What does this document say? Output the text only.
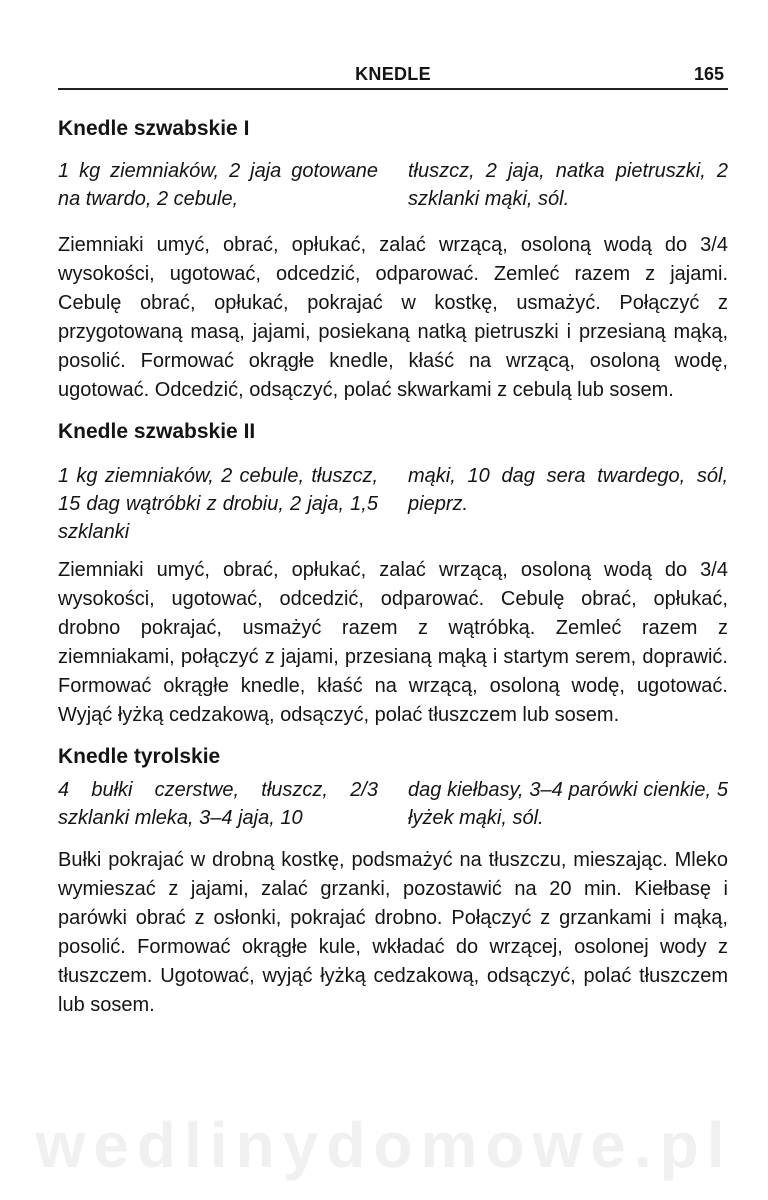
KNEDLE	165
Knedle szwabskie I
1 kg ziemniaków, 2 jaja gotowane na twardo, 2 cebule,
tłuszcz, 2 jaja, natka pietruszki, 2 szklanki mąki, sól.

Ziemniaki umyć, obrać, opłukać, zalać wrzącą, osoloną wodą do 3/4 wysokości, ugotować, odcedzić, odparować. Zemleć razem z jajami. Cebulę obrać, opłukać, pokrajać w kostkę, usmażyć. Połączyć z przygotowaną masą, jajami, posiekaną natką pietruszki i przesianą mąką, posolić. Formować okrągłe knedle, kłaść na wrzącą, osoloną wodę, ugotować. Odcedzić, odsączyć, polać skwarkami z cebulą lub sosem.

Knedle szwabskie II
1 kg ziemniaków, 2 cebule, tłuszcz, 15 dag wątróbki z drobiu, 2 jaja, 1,5 szklanki
mąki, 10 dag sera twardego, sól, pieprz.

Ziemniaki umyć, obrać, opłukać, zalać wrzącą, osoloną wodą do 3/4 wysokości, ugotować, odcedzić, odparować. Cebulę obrać, opłukać, drobno pokrajać, usmażyć razem z wątróbką. Zemleć razem z ziemniakami, połączyć z jajami, przesianą mąką i startym serem, doprawić. Formować okrągłe knedle, kłaść na wrzącą, osoloną wodę, ugotować. Wyjąć łyżką cedzakową, odsączyć, polać tłuszczem lub sosem.

Knedle tyrolskie
4 bułki czerstwe, tłuszcz, 2/3 szklanki mleka, 3–4 jaja, 10
dag kiełbasy, 3–4 parówki cienkie, 5 łyżek mąki, sól.

Bułki pokrajać w drobną kostkę, podsmażyć na tłuszczu, mieszając. Mleko wymieszać z jajami, zalać grzanki, pozostawić na 20 min. Kiełbasę i parówki obrać z osłonki, pokrajać drobno. Połączyć z grzankami i mąką, posolić. Formować okrągłe kule, wkładać do wrzącej, osolonej wody z tłuszczem. Ugotować, wyjąć łyżką cedzakową, odsączyć, polać tłuszczem lub sosem.

wedlinydomowe.pl
